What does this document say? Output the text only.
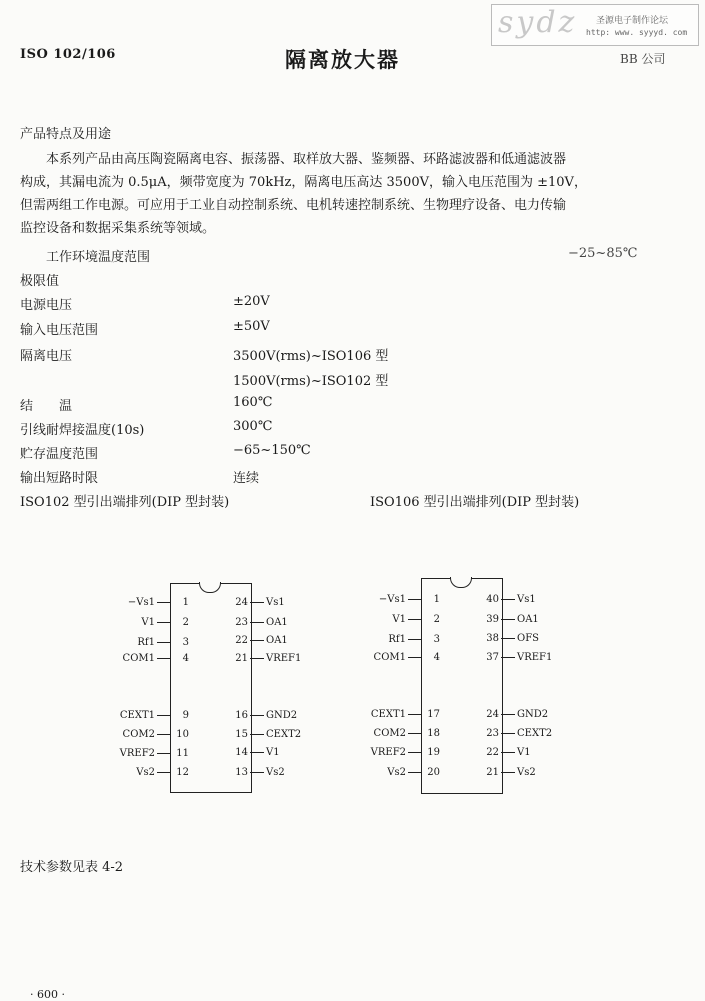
ISO 102/106	隔离放大器	BB 公司
sydz 圣源电子制作论坛
http: www. syyyd. com
产品特点及用途
本系列产品由高压陶瓷隔离电容、振荡器、取样放大器、鉴频器、环路滤波器和低通滤波器
构成，其漏电流为 0.5μA，频带宽度为 70kHz，隔离电压高达 3500V，输入电压范围为 ±10V，
但需两组工作电源。可应用于工业自动控制系统、电机转速控制系统、生物理疗设备、电力传输
监控设备和数据采集系统等领域。
工作环境温度范围	−25~85℃
极限值
电源电压	±20V
输入电压范围	±50V
隔离电压	3500V(rms)~ISO106 型
1500V(rms)~ISO102 型
结　　温	160℃
引线耐焊接温度(10s)	300℃
贮存温度范围	−65~150℃
输出短路时限	连续
ISO102 型引出端排列(DIP 型封装)	ISO106 型引出端排列(DIP 型封装)
−Vs1	1
V1	2
Rf1	3
COM1	4
CEXT1	9
COM2 10
VREF2 11
Vs2 12
24 Vs1
23 OA1
22 OA1
21 VREF1
16 GND2
15 CEXT2
14 V1
13 Vs2
−Vs1	1
V1	2
Rf1	3
COM1	4
CEXT1 17
COM2 18
VREF2 19
Vs2 20
40 Vs1
39 OA1
38 OFS
37 VREF1
24 GND2
23 CEXT2
22 V1
21 Vs2
技术参数见表 4-2
· 600 ·
